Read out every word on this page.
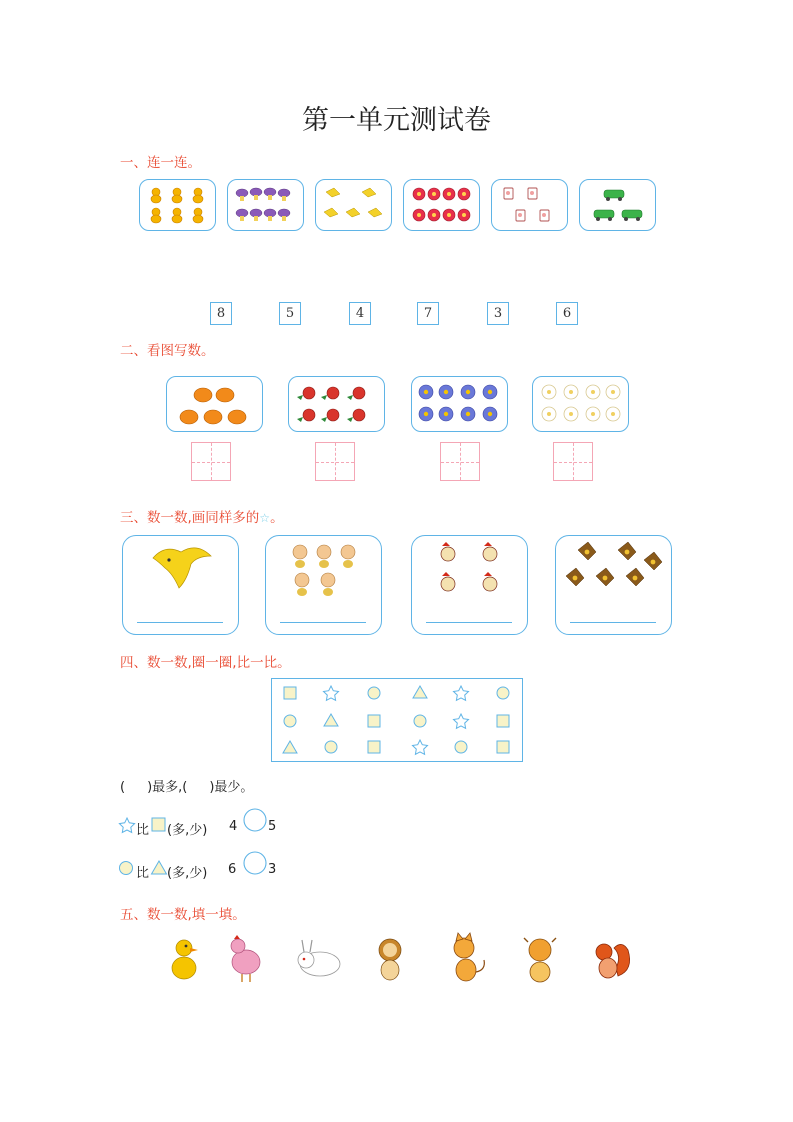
第一单元测试卷
一、连一连。
8	5	4	7	3	6
二、看图写数。
三、数一数,画同样多的☆。
四、数一数,圈一圈,比一比。
( )最多,( )最少。
比 (多,少) 4 5
比 (多,少) 6 3
五、数一数,填一填。
